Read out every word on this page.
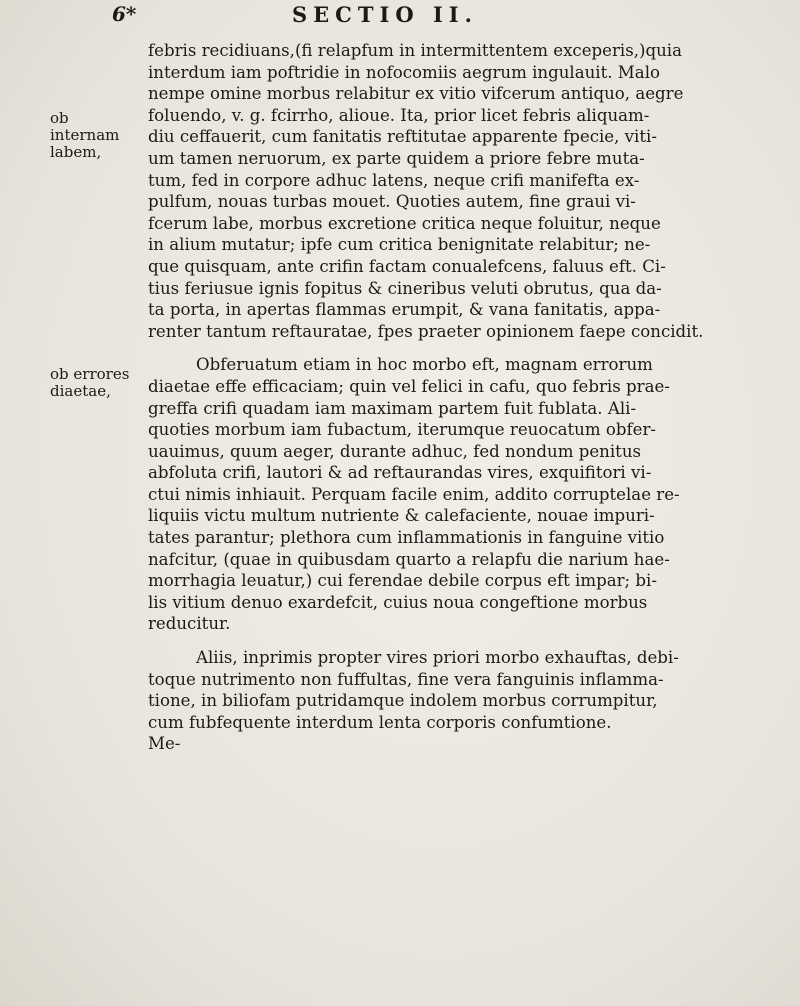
6*	SECTIO II.
ob internam labem,
ob errores diaetae,

febris recidiuans,(fi relapfum in intermittentem exceperis,)quia
interdum iam poftridie in nofocomiis aegrum ingulauit. Malo
nempe omine morbus relabitur ex vitio vifcerum antiquo, aegre
foluendo, v. g. fcirrho, alioue. Ita, prior licet febris aliquam-
diu ceffauerit, cum fanitatis reftitutae apparente fpecie, viti-
um tamen neruorum, ex parte quidem a priore febre muta-
tum, fed in corpore adhuc latens, neque crifi manifefta ex-
pulfum, nouas turbas mouet. Quoties autem, fine graui vi-
fcerum labe, morbus excretione critica neque foluitur, neque
in alium mutatur; ipfe cum critica benignitate relabitur; ne-
que quisquam, ante crifin factam conualefcens, faluus eft. Ci-
tius feriusue ignis fopitus & cineribus veluti obrutus, qua da-
ta porta, in apertas flammas erumpit, & vana fanitatis, appa-
renter tantum reftauratae, fpes praeter opinionem faepe concidit.

Obferuatum etiam in hoc morbo eft, magnam errorum
diaetae effe efficaciam; quin vel felici in cafu, quo febris prae-
greffa crifi quadam iam maximam partem fuit fublata. Ali-
quoties morbum iam fubactum, iterumque reuocatum obfer-
uauimus, quum aeger, durante adhuc, fed nondum penitus
abfoluta crifi, lautori & ad reftaurandas vires, exquifitori vi-
ctui nimis inhiauit. Perquam facile enim, addito corruptelae re-
liquiis victu multum nutriente & calefaciente, nouae impuri-
tates parantur; plethora cum inflammationis in fanguine vitio
nafcitur, (quae in quibusdam quarto a relapfu die narium hae-
morrhagia leuatur,) cui ferendae debile corpus eft impar; bi-
lis vitium denuo exardefcit, cuius noua congeftione morbus
reducitur.

Aliis, inprimis propter vires priori morbo exhauftas, debi-
toque nutrimento non fuffultas, fine vera fanguinis inflamma-
tione, in biliofam putridamque indolem morbus corrumpitur,
cum fubfequente interdum lenta corporis confumtione.

Me-
